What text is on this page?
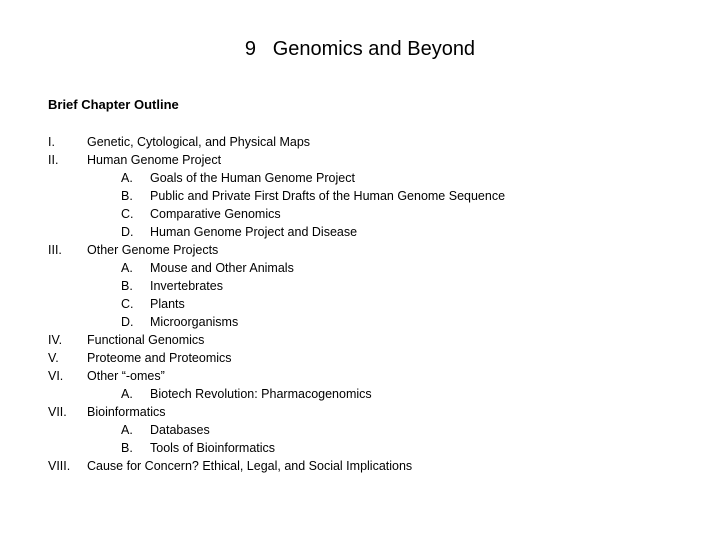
9   Genomics and Beyond
Brief Chapter Outline
I.	Genetic, Cytological, and Physical Maps
II. Human Genome Project
A. Goals of the Human Genome Project
B. Public and Private First Drafts of the Human Genome Sequence
C. Comparative Genomics
D. Human Genome Project and Disease
III. Other Genome Projects
A. Mouse and Other Animals
B. Invertebrates
C. Plants
D. Microorganisms
IV. Functional Genomics
V. Proteome and Proteomics
VI. Other “-omes”
A. Biotech Revolution: Pharmacogenomics
VII. Bioinformatics
A. Databases
B. Tools of Bioinformatics
VIII. Cause for Concern? Ethical, Legal, and Social Implications
